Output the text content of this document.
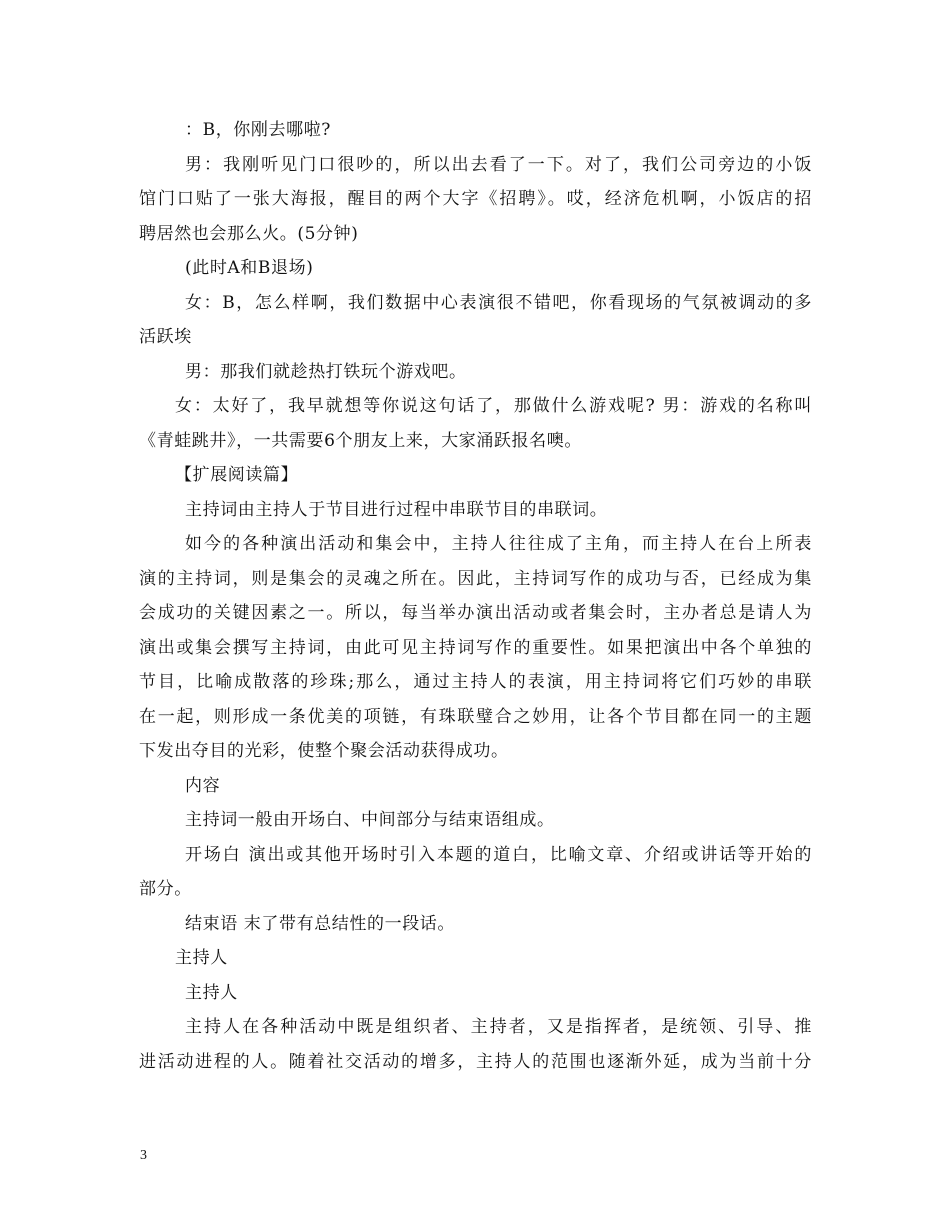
：B，你刚去哪啦?
男：我刚听见门口很吵的，所以出去看了一下。对了，我们公司旁边的小饭
馆门口贴了一张大海报，醒目的两个大字《招聘》。哎，经济危机啊，小饭店的招
聘居然也会那么火。(5分钟)
(此时A和B退场)
女：B，怎么样啊，我们数据中心表演很不错吧，你看现场的气氛被调动的多
活跃埃
男：那我们就趁热打铁玩个游戏吧。
女：太好了，我早就想等你说这句话了，那做什么游戏呢? 男：游戏的名称叫
《青蛙跳井》，一共需要6个朋友上来，大家涌跃报名噢。
【扩展阅读篇】
主持词由主持人于节目进行过程中串联节目的串联词。
如今的各种演出活动和集会中，主持人往往成了主角，而主持人在台上所表
演的主持词，则是集会的灵魂之所在。因此，主持词写作的成功与否，已经成为集
会成功的关键因素之一。所以，每当举办演出活动或者集会时，主办者总是请人为
演出或集会撰写主持词，由此可见主持词写作的重要性。如果把演出中各个单独的
节目，比喻成散落的珍珠;那么，通过主持人的表演，用主持词将它们巧妙的串联
在一起，则形成一条优美的项链，有珠联璧合之妙用，让各个节目都在同一的主题
下发出夺目的光彩，使整个聚会活动获得成功。
内容
主持词一般由开场白、中间部分与结束语组成。
开场白 演出或其他开场时引入本题的道白，比喻文章、介绍或讲话等开始的
部分。
结束语 末了带有总结性的一段话。
主持人
主持人
主持人在各种活动中既是组织者、主持者，又是指挥者，是统领、引导、推
进活动进程的人。随着社交活动的增多，主持人的范围也逐渐外延，成为当前十分
3
